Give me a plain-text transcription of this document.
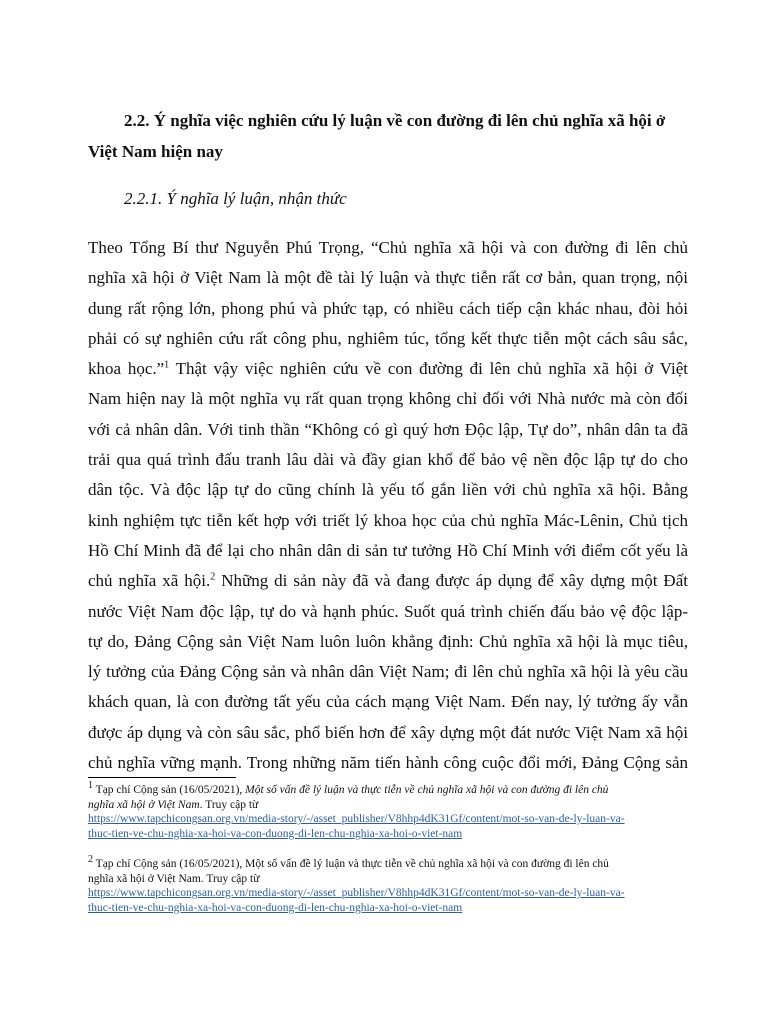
2.2. Ý nghĩa việc nghiên cứu lý luận về con đường đi lên chủ nghĩa xã hội ở
Việt Nam hiện nay

2.2.1. Ý nghĩa lý luận, nhận thức

Theo Tổng Bí thư Nguyễn Phú Trọng, “Chủ nghĩa xã hội và con đường đi lên chủ
nghĩa xã hội ở Việt Nam là một đề tài lý luận và thực tiễn rất cơ bản, quan trọng, nội
dung rất rộng lớn, phong phú và phức tạp, có nhiều cách tiếp cận khác nhau, đòi hỏi
phải có sự nghiên cứu rất công phu, nghiêm túc, tổng kết thực tiễn một cách sâu sắc,
khoa học.”$^1$ Thật vậy việc nghiên cứu về con đường đi lên chủ nghĩa xã hội ở Việt
Nam hiện nay là một nghĩa vụ rất quan trọng không chỉ đối với Nhà nước mà còn đối
với cả nhân dân. Với tinh thần “Không có gì quý hơn Độc lập, Tự do”, nhân dân ta đã
trải qua quá trình đấu tranh lâu dài và đầy gian khổ để bảo vệ nền độc lập tự do cho
dân tộc. Và độc lập tự do cũng chính là yếu tố gắn liền với chủ nghĩa xã hội. Bằng
kinh nghiệm tực tiễn kết hợp với triết lý khoa học của chủ nghĩa Mác-Lênin, Chủ tịch
Hồ Chí Minh đã để lại cho nhân dân di sản tư tưởng Hồ Chí Minh với điểm cốt yếu là
chủ nghĩa xã hội.$^2$ Những di sản này đã và đang được áp dụng để xây dựng một Đất
nước Việt Nam độc lập, tự do và hạnh phúc. Suốt quá trình chiến đấu bảo vệ độc lập-
tự do, Đảng Cộng sản Việt Nam luôn luôn khẳng định: Chủ nghĩa xã hội là mục tiêu,
lý tưởng của Đảng Cộng sản và nhân dân Việt Nam; đi lên chủ nghĩa xã hội là yêu cầu
khách quan, là con đường tất yếu của cách mạng Việt Nam. Đến nay, lý tưởng ấy vẫn
được áp dụng và còn sâu sắc, phổ biến hơn để xây dựng một đát nước Việt Nam xã hội
chủ nghĩa vững mạnh. Trong những năm tiến hành công cuộc đổi mới, Đảng Cộng sản
$^1$ Tạp chí Cộng sản (16/05/2021), Một số vấn đề lý luận và thực tiễn về chủ nghĩa xã hội và con đường đi lên chủ
nghĩa xã hội ở Việt Nam. Truy cập từ
https://www.tapchicongsan.org.vn/media-story/-/asset_publisher/V8hhp4dK31Gf/content/mot-so-van-de-ly-luan-va-
thuc-tien-ve-chu-nghia-xa-hoi-va-con-duong-di-len-chu-nghia-xa-hoi-o-viet-nam
$^2$ Tạp chí Cộng sản (16/05/2021), Một số vấn đề lý luận và thực tiễn về chủ nghĩa xã hội và con đường đi lên chủ
nghĩa xã hội ở Việt Nam. Truy cập từ
https://www.tapchicongsan.org.vn/media-story/-/asset_publisher/V8hhp4dK31Gf/content/mot-so-van-de-ly-luan-va-
thuc-tien-ve-chu-nghia-xa-hoi-va-con-duong-di-len-chu-nghia-xa-hoi-o-viet-nam
